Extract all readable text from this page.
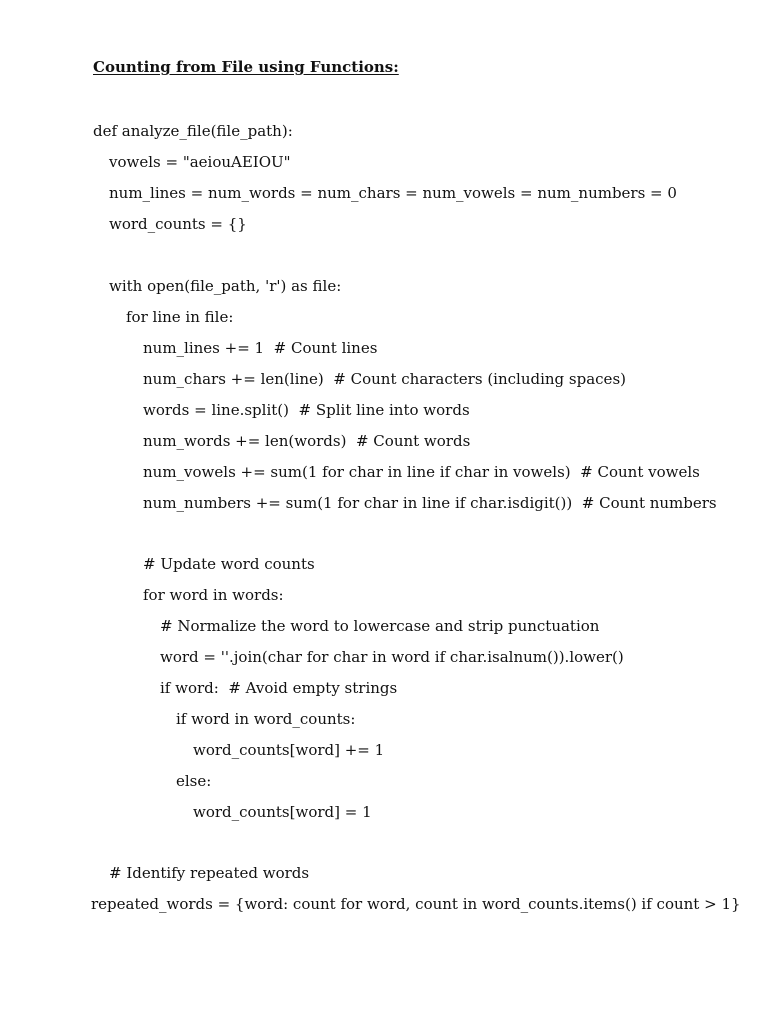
Counting from File using Functions:
def analyze_file(file_path):
vowels = "aeiouAEIOU"
num_lines = num_words = num_chars = num_vowels = num_numbers = 0
word_counts = {}
with open(file_path, 'r') as file:
for line in file:
num_lines += 1  # Count lines
num_chars += len(line)  # Count characters (including spaces)
words = line.split()  # Split line into words
num_words += len(words)  # Count words
num_vowels += sum(1 for char in line if char in vowels)  # Count vowels
num_numbers += sum(1 for char in line if char.isdigit())  # Count numbers
# Update word counts
for word in words:
# Normalize the word to lowercase and strip punctuation
word = ''.join(char for char in word if char.isalnum()).lower()
if word:  # Avoid empty strings
if word in word_counts:
word_counts[word] += 1
else:
word_counts[word] = 1
# Identify repeated words
repeated_words = {word: count for word, count in word_counts.items() if count > 1}
